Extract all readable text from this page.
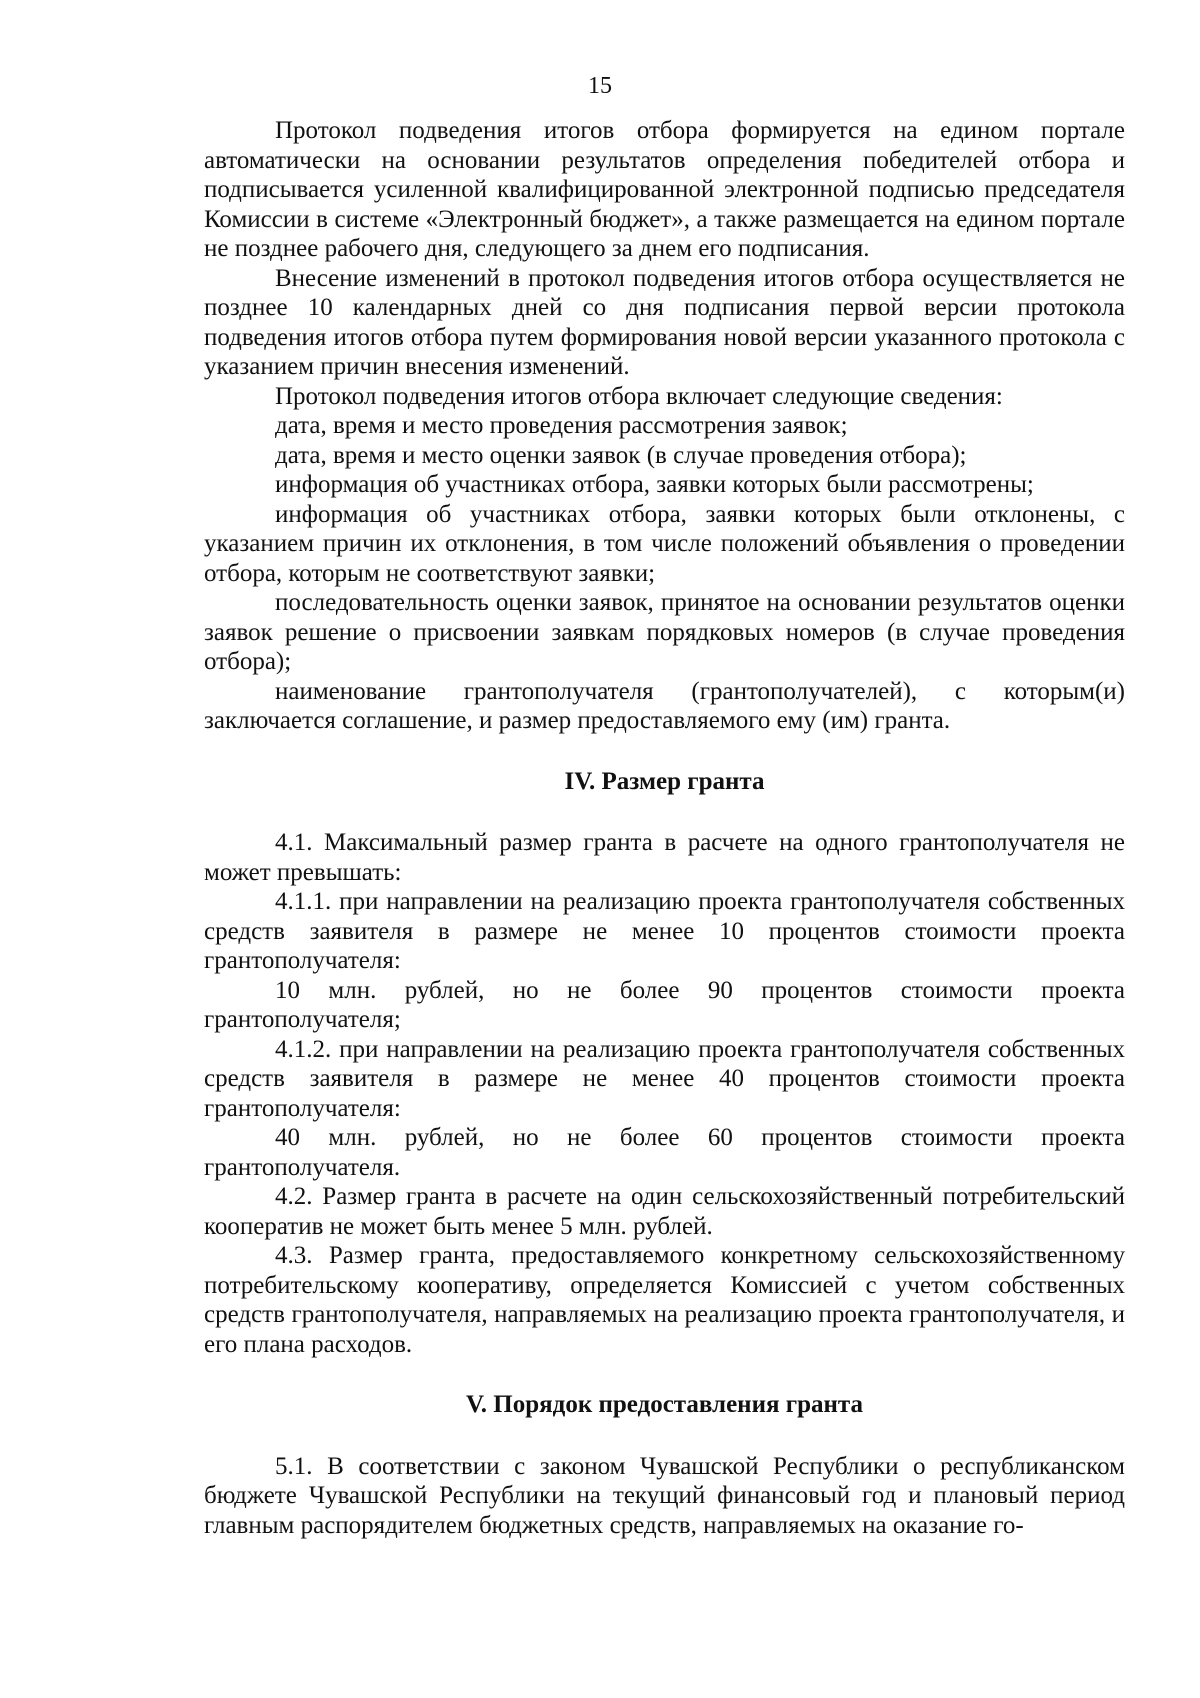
15

Протокол подведения итогов отбора формируется на едином портале автоматически на основании результатов определения победителей отбора и подписывается усиленной квалифицированной электронной подписью председателя Комиссии в системе «Электронный бюджет», а также размещается на едином портале не позднее рабочего дня, следующего за днем его подписания.

Внесение изменений в протокол подведения итогов отбора осуществляется не позднее 10 календарных дней со дня подписания первой версии протокола подведения итогов отбора путем формирования новой версии указанного протокола с указанием причин внесения изменений.

Протокол подведения итогов отбора включает следующие сведения:

дата, время и место проведения рассмотрения заявок;

дата, время и место оценки заявок (в случае проведения отбора);

информация об участниках отбора, заявки которых были рассмотрены;

информация об участниках отбора, заявки которых были отклонены, с указанием причин их отклонения, в том числе положений объявления о проведении отбора, которым не соответствуют заявки;

последовательность оценки заявок, принятое на основании результатов оценки заявок решение о присвоении заявкам порядковых номеров (в случае проведения отбора);

наименование грантополучателя (грантополучателей), с которым(и) заключается соглашение, и размер предоставляемого ему (им) гранта.

IV. Размер гранта

4.1. Максимальный размер гранта в расчете на одного грантополучателя не может превышать:

4.1.1. при направлении на реализацию проекта грантополучателя собственных средств заявителя в размере не менее 10 процентов стоимости проекта грантополучателя:

10 млн. рублей, но не более 90 процентов стоимости проекта грантополучателя;

4.1.2. при направлении на реализацию проекта грантополучателя собственных средств заявителя в размере не менее 40 процентов стоимости проекта грантополучателя:

40 млн. рублей, но не более 60 процентов стоимости проекта грантополучателя.

4.2. Размер гранта в расчете на один сельскохозяйственный потребительский кооператив не может быть менее 5 млн. рублей.

4.3. Размер гранта, предоставляемого конкретному сельскохозяйственному потребительскому кооперативу, определяется Комиссией с учетом собственных средств грантополучателя, направляемых на реализацию проекта грантополучателя, и его плана расходов.

V. Порядок предоставления гранта

5.1. В соответствии с законом Чувашской Республики о республиканском бюджете Чувашской Республики на текущий финансовый год и плановый период главным распорядителем бюджетных средств, направляемых на оказание го-
